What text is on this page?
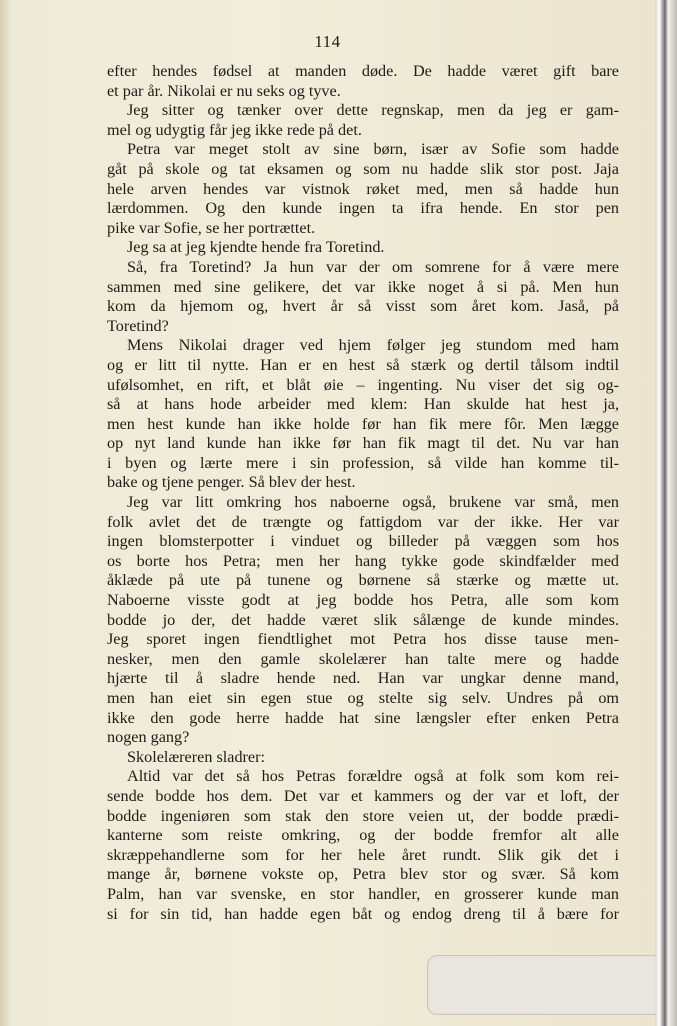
114
efter hendes fødsel at manden døde. De hadde været gift bare
et par år. Nikolai er nu seks og tyve.
Jeg sitter og tænker over dette regnskap, men da jeg er gam-
mel og udygtig får jeg ikke rede på det.
Petra var meget stolt av sine børn, især av Sofie som hadde
gåt på skole og tat eksamen og som nu hadde slik stor post. Jaja
hele arven hendes var vistnok røket med, men så hadde hun
lærdommen. Og den kunde ingen ta ifra hende. En stor pen
pike var Sofie, se her portrættet.
Jeg sa at jeg kjendte hende fra Toretind.
Så, fra Toretind? Ja hun var der om somrene for å være mere
sammen med sine gelikere, det var ikke noget å si på. Men hun
kom da hjemom og, hvert år så visst som året kom. Jaså, på
Toretind?
Mens Nikolai drager ved hjem følger jeg stundom med ham
og er litt til nytte. Han er en hest så stærk og dertil tålsom indtil
ufølsomhet, en rift, et blåt øie – ingenting. Nu viser det sig og-
så at hans hode arbeider med klem: Han skulde hat hest ja,
men hest kunde han ikke holde før han fik mere fôr. Men lægge
op nyt land kunde han ikke før han fik magt til det. Nu var han
i byen og lærte mere i sin profession, så vilde han komme til-
bake og tjene penger. Så blev der hest.
Jeg var litt omkring hos naboerne også, brukene var små, men
folk avlet det de trængte og fattigdom var der ikke. Her var
ingen blomsterpotter i vinduet og billeder på væggen som hos
os borte hos Petra; men her hang tykke gode skindfælder med
åklæde på ute på tunene og børnene så stærke og mætte ut.
Naboerne visste godt at jeg bodde hos Petra, alle som kom
bodde jo der, det hadde været slik sålænge de kunde mindes.
Jeg sporet ingen fiendtlighet mot Petra hos disse tause men-
nesker, men den gamle skolelærer han talte mere og hadde
hjærte til å sladre hende ned. Han var ungkar denne mand,
men han eiet sin egen stue og stelte sig selv. Undres på om
ikke den gode herre hadde hat sine længsler efter enken Petra
nogen gang?
Skolelæreren sladrer:
Altid var det så hos Petras forældre også at folk som kom rei-
sende bodde hos dem. Det var et kammers og der var et loft, der
bodde ingeniøren som stak den store veien ut, der bodde prædi-
kanterne som reiste omkring, og der bodde fremfor alt alle
skræppehandlerne som for her hele året rundt. Slik gik det i
mange år, børnene vokste op, Petra blev stor og svær. Så kom
Palm, han var svenske, en stor handler, en grosserer kunde man
si for sin tid, han hadde egen båt og endog dreng til å bære for
